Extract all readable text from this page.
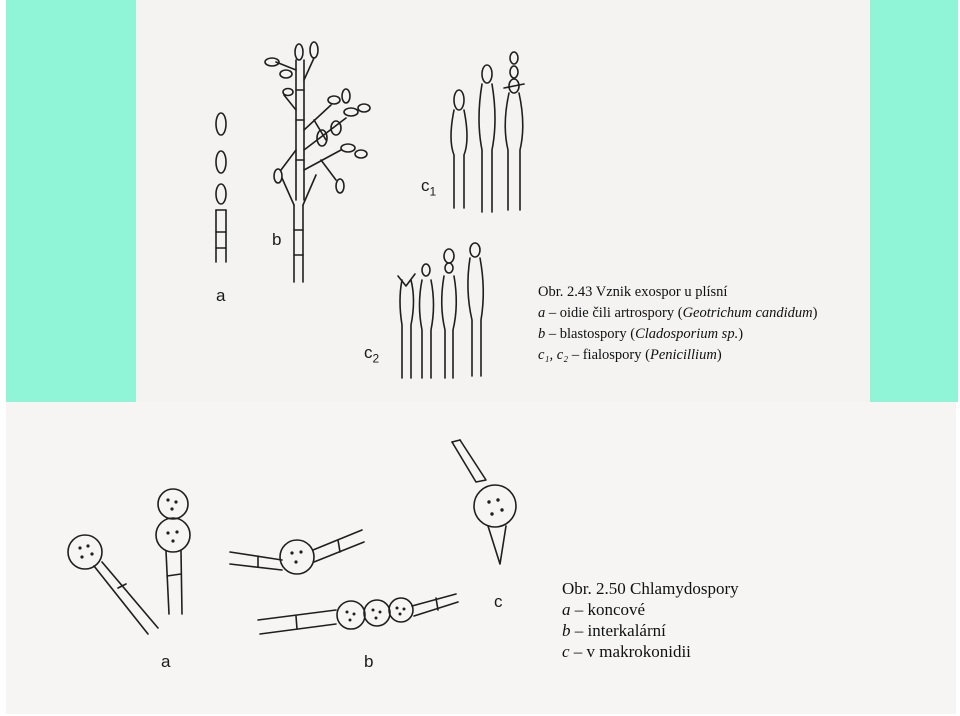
a
b
$c_1$
$c_2$
Obr. 2.43 Vznik exospor u plísní
a – oidie čili artrospory (Geotrichum candidum)
b – blastospory (Cladosporium sp.)
c₁, c₂ – fialospory (Penicillium)
a	b
c
Obr. 2.50 Chlamydospory
a – koncové
b – interkalární
c – v makrokonidii
